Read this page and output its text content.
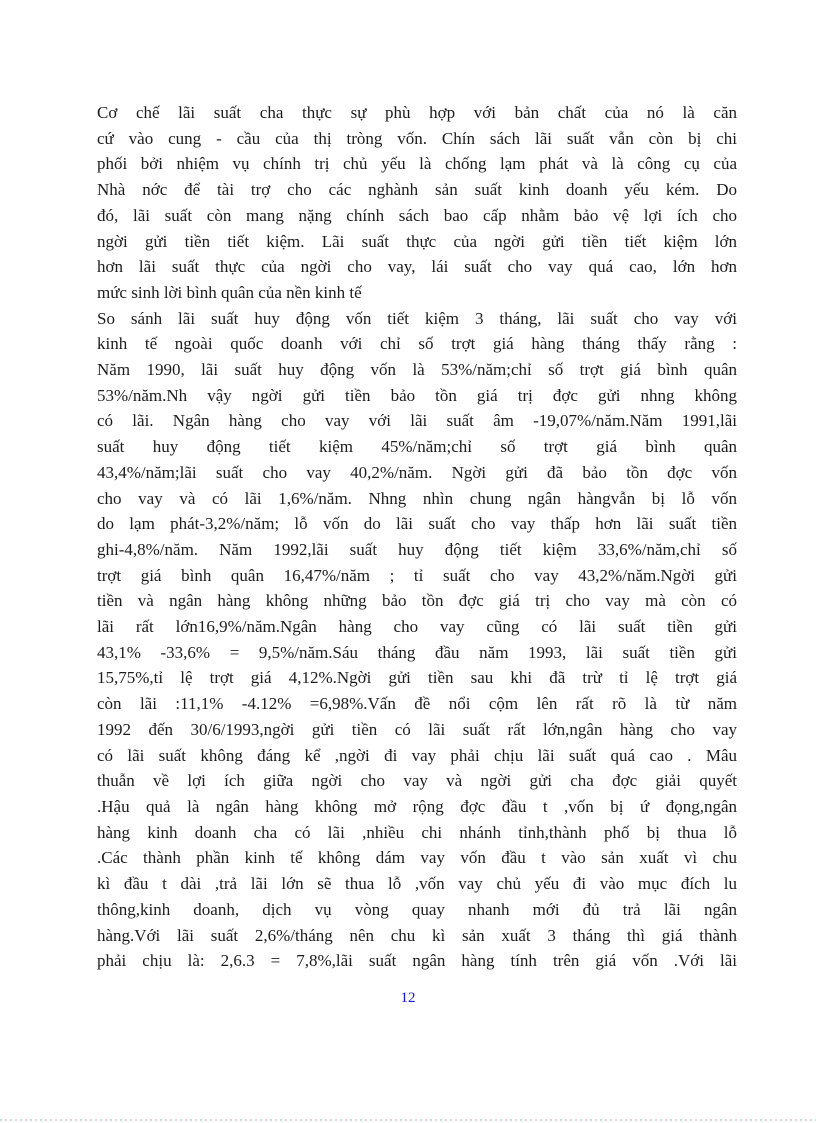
Cơ chế lãi suất cha thực sự phù hợp với bản chất của nó là căn
cứ vào cung - cầu của thị tròng vốn. Chín sách lãi suất vẫn còn bị chi
phối bởi nhiệm vụ chính trị chủ yếu là chống lạm phát và là công cụ của
Nhà nớc để tài trợ cho các nghành sản suất kinh doanh yếu kém. Do
đó, lãi suất còn mang nặng chính sách bao cấp nhằm bảo vệ lợi ích cho
ngời gửi tiền tiết kiệm. Lãi suất thực của ngời gửi tiền tiết kiệm lớn
hơn lãi suất thực của ngời cho vay, lái suất cho vay quá cao, lớn hơn
mức sinh lời bình quân của nền kinh tế
So sánh lãi suất huy động vốn tiết kiệm 3 tháng, lãi suất cho vay với
kinh tế ngoài quốc doanh với chỉ số trợt giá hàng tháng thấy rằng :
Năm 1990, lãi suất huy động vốn là 53%/năm;chỉ số trợt giá bình quân
53%/năm.Nh vậy ngời gửi tiền bảo tồn giá trị đợc gửi nhng không
có lãi. Ngân hàng cho vay với lãi suất âm -19,07%/năm.Năm 1991,lãi
suất huy động tiết kiệm 45%/năm;chỉ số trợt giá bình quân
43,4%/năm;lãi suất cho vay 40,2%/năm. Ngời gửi đã bảo tồn đợc vốn
cho vay và có lãi 1,6%/năm. Nhng nhìn chung ngân hàngvẫn bị lỗ vốn
do lạm phát-3,2%/năm; lỗ vốn do lãi suất cho vay thấp hơn lãi suất tiền
ghi-4,8%/năm. Năm 1992,lãi suất huy động tiết kiệm 33,6%/năm,chỉ số
trợt giá bình quân 16,47%/năm ; tỉ suất cho vay 43,2%/năm.Ngời gửi
tiền và ngân hàng không những bảo tồn đợc giá trị cho vay mà còn có
lãi rất lớn16,9%/năm.Ngân hàng cho vay cũng có lãi suất tiền gửi
43,1% -33,6% = 9,5%/năm.Sáu tháng đầu năm 1993, lãi suất tiền gửi
15,75%,tỉ lệ trợt giá 4,12%.Ngời gửi tiền sau khi đã trừ tỉ lệ trợt giá
còn lãi :11,1% -4.12% =6,98%.Vấn đề nổi cộm lên rất rõ là từ năm
1992 đến 30/6/1993,ngời gửi tiền có lãi suất rất lớn,ngân hàng cho vay
có lãi suất không đáng kể ,ngời đi vay phải chịu lãi suất quá cao . Mâu
thuẫn về lợi ích giữa ngời cho vay và ngời gửi cha đợc giải quyết
.Hậu quả là ngân hàng không mở rộng đợc đầu t ,vốn bị ứ đọng,ngân
hàng kinh doanh cha có lãi ,nhiều chi nhánh tỉnh,thành phố bị thua lỗ
.Các thành phần kinh tế không dám vay vốn đầu t vào sản xuất vì chu
kì đầu t dài ,trả lãi lớn sẽ thua lỗ ,vốn vay chủ yếu đi vào mục đích lu
thông,kinh doanh, dịch vụ vòng quay nhanh mới đủ trả lãi ngân
hàng.Với lãi suất 2,6%/tháng nên chu kì sản xuất 3 tháng thì giá thành
phải chịu là: 2,6.3 = 7,8%,lãi suất ngân hàng tính trên giá vốn .Với lãi
12
